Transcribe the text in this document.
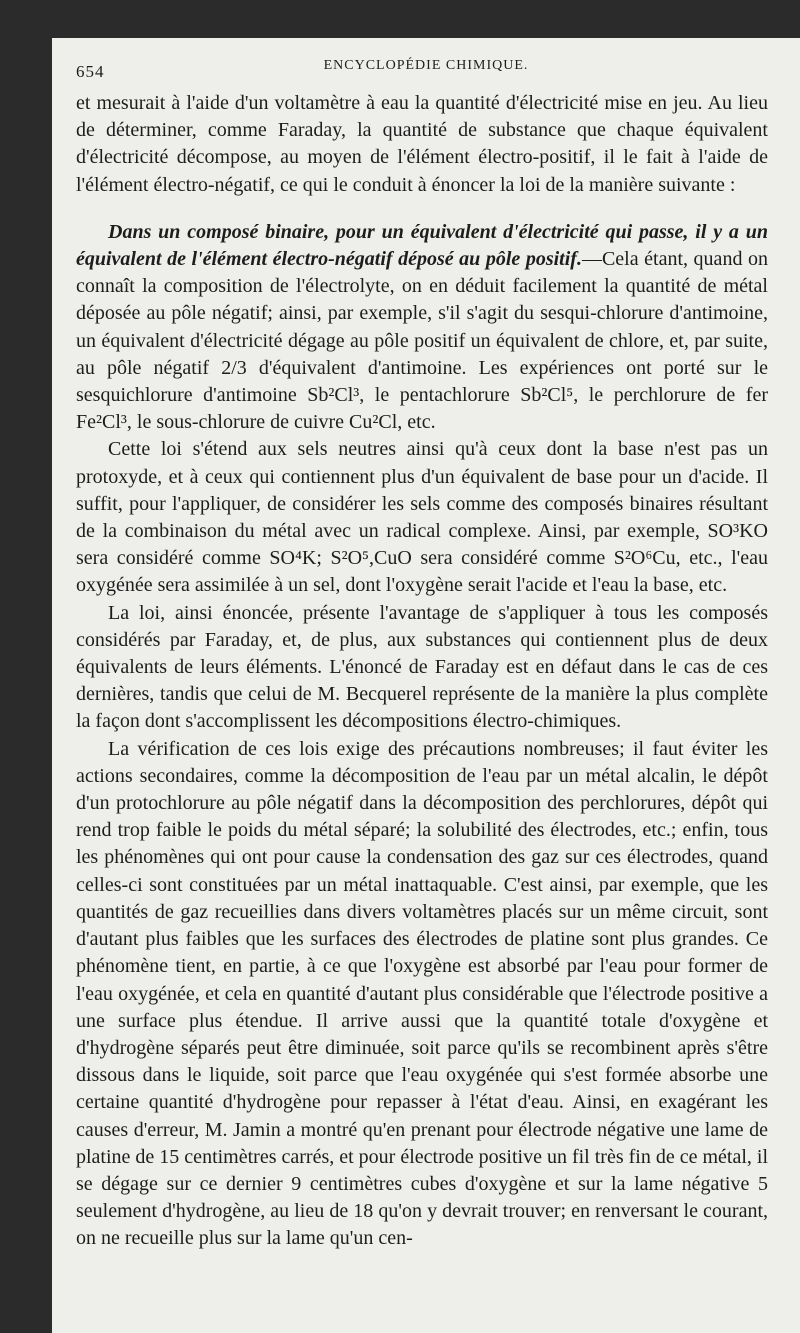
654	ENCYCLOPÉDIE CHIMIQUE.

et mesurait à l'aide d'un voltamètre à eau la quantité d'électricité mise en jeu. Au lieu de déterminer, comme Faraday, la quantité de substance que chaque équivalent d'électricité décompose, au moyen de l'élément électro-positif, il le fait à l'aide de l'élément électro-négatif, ce qui le conduit à énoncer la loi de la manière suivante :

Dans un composé binaire, pour un équivalent d'électricité qui passe, il y a un équivalent de l'élément électro-négatif déposé au pôle positif.—Cela étant, quand on connaît la composition de l'électrolyte, on en déduit facilement la quantité de métal déposée au pôle négatif; ainsi, par exemple, s'il s'agit du sesqui-chlorure d'antimoine, un équivalent d'électricité dégage au pôle positif un équivalent de chlore, et, par suite, au pôle négatif 2/3 d'équivalent d'antimoine. Les expériences ont porté sur le sesquichlorure d'antimoine Sb²Cl³, le pentachlorure Sb²Cl⁵, le perchlorure de fer Fe²Cl³, le sous-chlorure de cuivre Cu²Cl, etc.

Cette loi s'étend aux sels neutres ainsi qu'à ceux dont la base n'est pas un protoxyde, et à ceux qui contiennent plus d'un équivalent de base pour un d'acide. Il suffit, pour l'appliquer, de considérer les sels comme des composés binaires résultant de la combinaison du métal avec un radical complexe. Ainsi, par exemple, SO³KO sera considéré comme SO⁴K; S²O⁵,CuO sera considéré comme S²O⁶Cu, etc., l'eau oxygénée sera assimilée à un sel, dont l'oxygène serait l'acide et l'eau la base, etc.

La loi, ainsi énoncée, présente l'avantage de s'appliquer à tous les composés considérés par Faraday, et, de plus, aux substances qui contiennent plus de deux équivalents de leurs éléments. L'énoncé de Faraday est en défaut dans le cas de ces dernières, tandis que celui de M. Becquerel représente de la manière la plus complète la façon dont s'accomplissent les décompositions électro-chimiques.

La vérification de ces lois exige des précautions nombreuses; il faut éviter les actions secondaires, comme la décomposition de l'eau par un métal alcalin, le dépôt d'un protochlorure au pôle négatif dans la décomposition des perchlorures, dépôt qui rend trop faible le poids du métal séparé; la solubilité des électrodes, etc.; enfin, tous les phénomènes qui ont pour cause la condensation des gaz sur ces électrodes, quand celles-ci sont constituées par un métal inattaquable. C'est ainsi, par exemple, que les quantités de gaz recueillies dans divers voltamètres placés sur un même circuit, sont d'autant plus faibles que les surfaces des électrodes de platine sont plus grandes. Ce phénomène tient, en partie, à ce que l'oxygène est absorbé par l'eau pour former de l'eau oxygénée, et cela en quantité d'autant plus considérable que l'électrode positive a une surface plus étendue. Il arrive aussi que la quantité totale d'oxygène et d'hydrogène séparés peut être diminuée, soit parce qu'ils se recombinent après s'être dissous dans le liquide, soit parce que l'eau oxygénée qui s'est formée absorbe une certaine quantité d'hydrogène pour repasser à l'état d'eau. Ainsi, en exagérant les causes d'erreur, M. Jamin a montré qu'en prenant pour électrode négative une lame de platine de 15 centimètres carrés, et pour électrode positive un fil très fin de ce métal, il se dégage sur ce dernier 9 centimètres cubes d'oxygène et sur la lame négative 5 seulement d'hydrogène, au lieu de 18 qu'on y devrait trouver; en renversant le courant, on ne recueille plus sur la lame qu'un cen-
